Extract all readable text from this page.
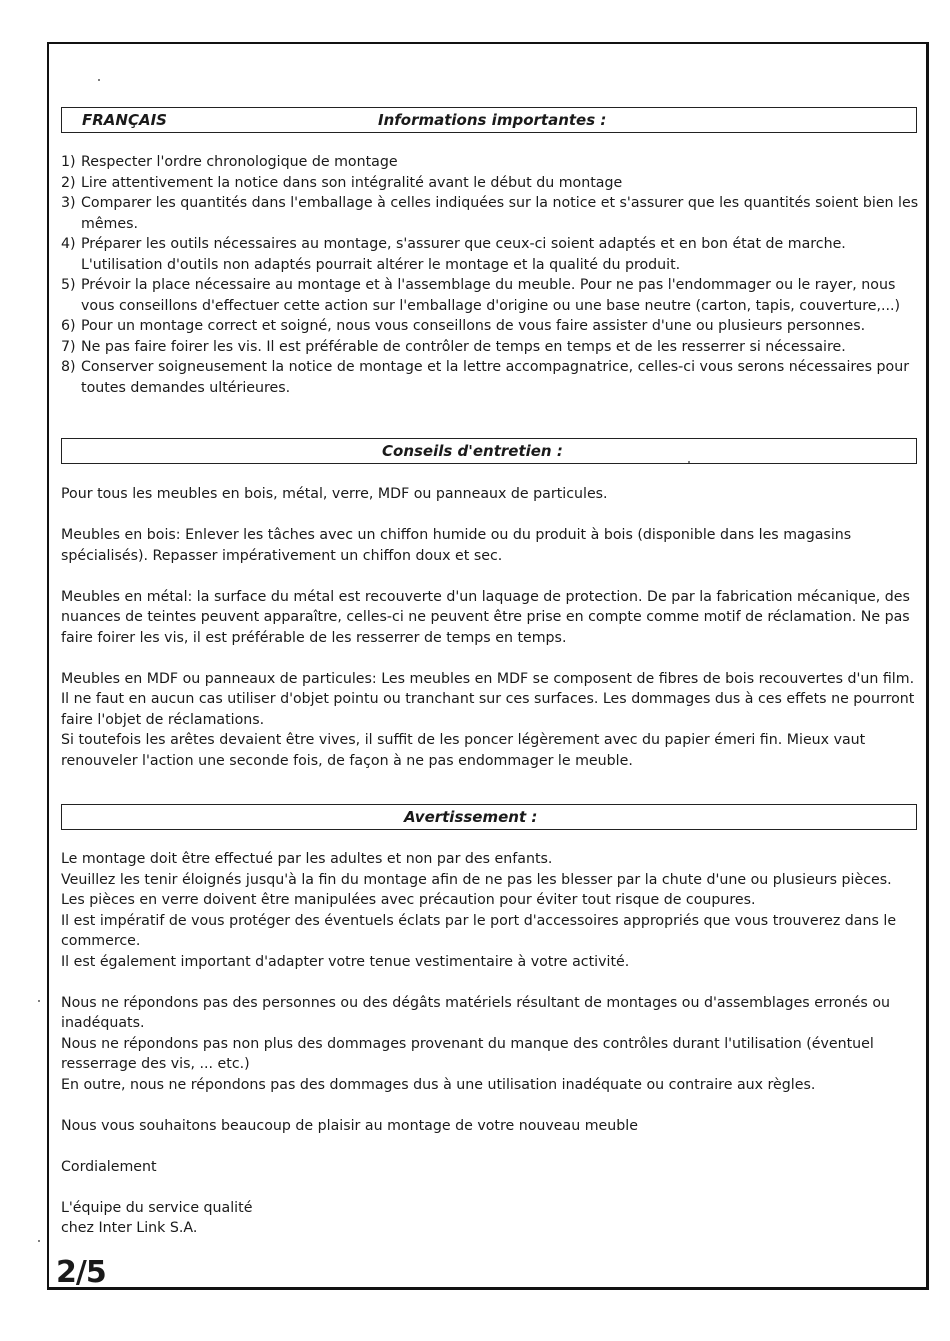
FRANÇAIS	Informations importantes :
1) Respecter l'ordre chronologique de montage
2) Lire attentivement la notice dans son intégralité avant le début du montage
3) Comparer les quantités dans l'emballage à celles indiquées sur la notice et s'assurer que les quantités soient bien les mêmes.
4) Préparer les outils nécessaires au montage, s'assurer que ceux-ci soient adaptés et en bon état de marche. L'utilisation d'outils non adaptés pourrait altérer le montage et la qualité du produit.
5) Prévoir la place nécessaire au montage et à l'assemblage du meuble. Pour ne pas l'endommager ou le rayer, nous vous conseillons d'effectuer cette action sur l'emballage d'origine ou une base neutre (carton, tapis, couverture,...)
6) Pour un montage correct et soigné, nous vous conseillons de vous faire assister d'une ou plusieurs personnes.
7) Ne pas faire foirer les vis. Il est préférable de contrôler de temps en temps et de les resserrer si nécessaire.
8) Conserver soigneusement la notice de montage et la lettre accompagnatrice, celles-ci vous serons nécessaires pour toutes demandes ultérieures.
Conseils d'entretien :

Pour tous les meubles en bois, métal, verre, MDF ou panneaux de particules.

Meubles en bois: Enlever les tâches avec un chiffon humide ou du produit à bois (disponible dans les magasins spécialisés). Repasser impérativement un chiffon doux et sec.

Meubles en métal: la surface du métal est recouverte d'un laquage de protection. De par la fabrication mécanique, des nuances de teintes peuvent apparaître, celles-ci ne peuvent être prise en compte comme motif de réclamation. Ne pas faire foirer les vis, il est préférable de les resserrer de temps en temps.

Meubles en MDF ou panneaux de particules: Les meubles en MDF se composent de fibres de bois recouvertes d'un film. Il ne faut en aucun cas utiliser d'objet pointu ou tranchant sur ces surfaces. Les dommages dus à ces effets ne pourront faire l'objet de réclamations.

Si toutefois les arêtes devaient être vives, il suffit de les poncer légèrement avec du papier émeri fin. Mieux vaut renouveler l'action une seconde fois, de façon à ne pas endommager le meuble.

Avertissement :

Le montage doit être effectué par les adultes et non par des enfants.

Veuillez les tenir éloignés jusqu'à la fin du montage afin de ne pas les blesser par la chute d'une ou plusieurs pièces.

Les pièces en verre doivent être manipulées avec précaution pour éviter tout risque de coupures.

Il est impératif de vous protéger des éventuels éclats par le port d'accessoires appropriés que vous trouverez dans le commerce.

Il est également important d'adapter votre tenue vestimentaire à votre activité.

Nous ne répondons pas des personnes ou des dégâts matériels résultant de montages ou d'assemblages erronés ou inadéquats.

Nous ne répondons pas non plus des dommages provenant du manque des contrôles durant l'utilisation (éventuel resserrage des vis, ... etc.)

En outre, nous ne répondons pas des dommages dus à une utilisation inadéquate ou contraire aux règles.

Nous vous souhaitons beaucoup de plaisir au montage de votre nouveau meuble

Cordialement

L'équipe du service qualité

chez Inter Link S.A.

2/5
